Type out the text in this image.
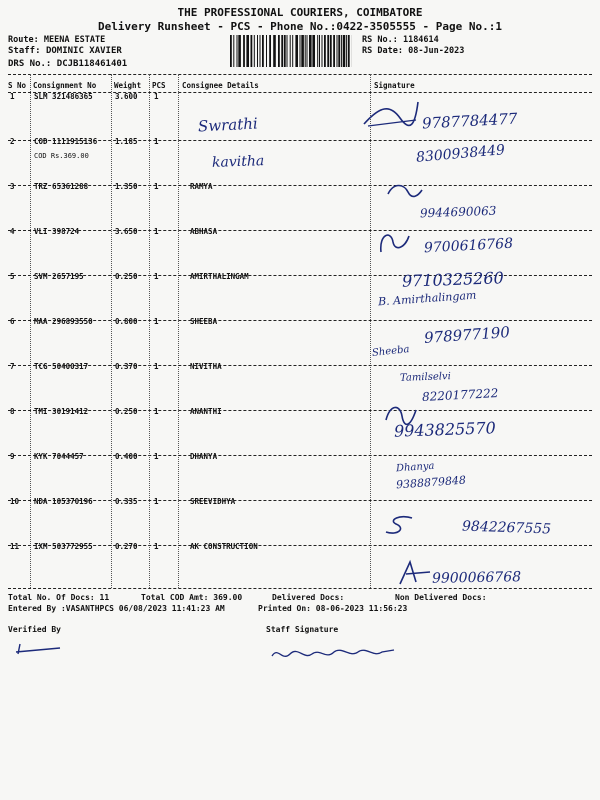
THE PROFESSIONAL COURIERS, COIMBATORE
Delivery Runsheet - PCS - Phone No.:0422-3505555 - Page No.:1
Route: MEENA ESTATE
Staff: DOMINIC XAVIER
DRS No.: DCJB118461401
RS No.: 1184614
RS Date: 08-Jun-2023
S No Consignment No Weight PCS Consignee Details	Signature
1	SLM 321486365	3.600 1
Swrathi	9787784477
2	COD 1111915136 1.185 1
COD Rs.369.00	kavitha	8300938449
3	TRZ 65361288	1.350 1	RAMYA
9944690063
4	VLI 398724	3.650 1	ABHASA
9700616768
5	SVM 2657195	0.250 1	AMIRTHALINGAM
B. Amirthalingam
9710325260
6	MAA 296893550	0.800 1	SHEEBA
Sheeba
978977190
7	TCG 50400317	0.370 1	NIVITHA
Tamilselvi
8220177222
8	TMI 30191412	0.250 1	ANANTHI
9943825570
9	KYK 7044457	0.400 1	DHANYA
Dhanya
9388879848
10 NDA 105370196	0.335 1	SREEVIDHYA
9842267555
11 IXM 503772955	0.270 1	AK CONSTRUCTION
9900066768
Total No. Of Docs: 11	Total COD Amt: 369.00	Delivered Docs:	Non Delivered Docs:
Entered By :VASANTHPCS 06/08/2023 11:41:23 AM	Printed On: 08-06-2023 11:56:23
Verified By	Staff Signature
